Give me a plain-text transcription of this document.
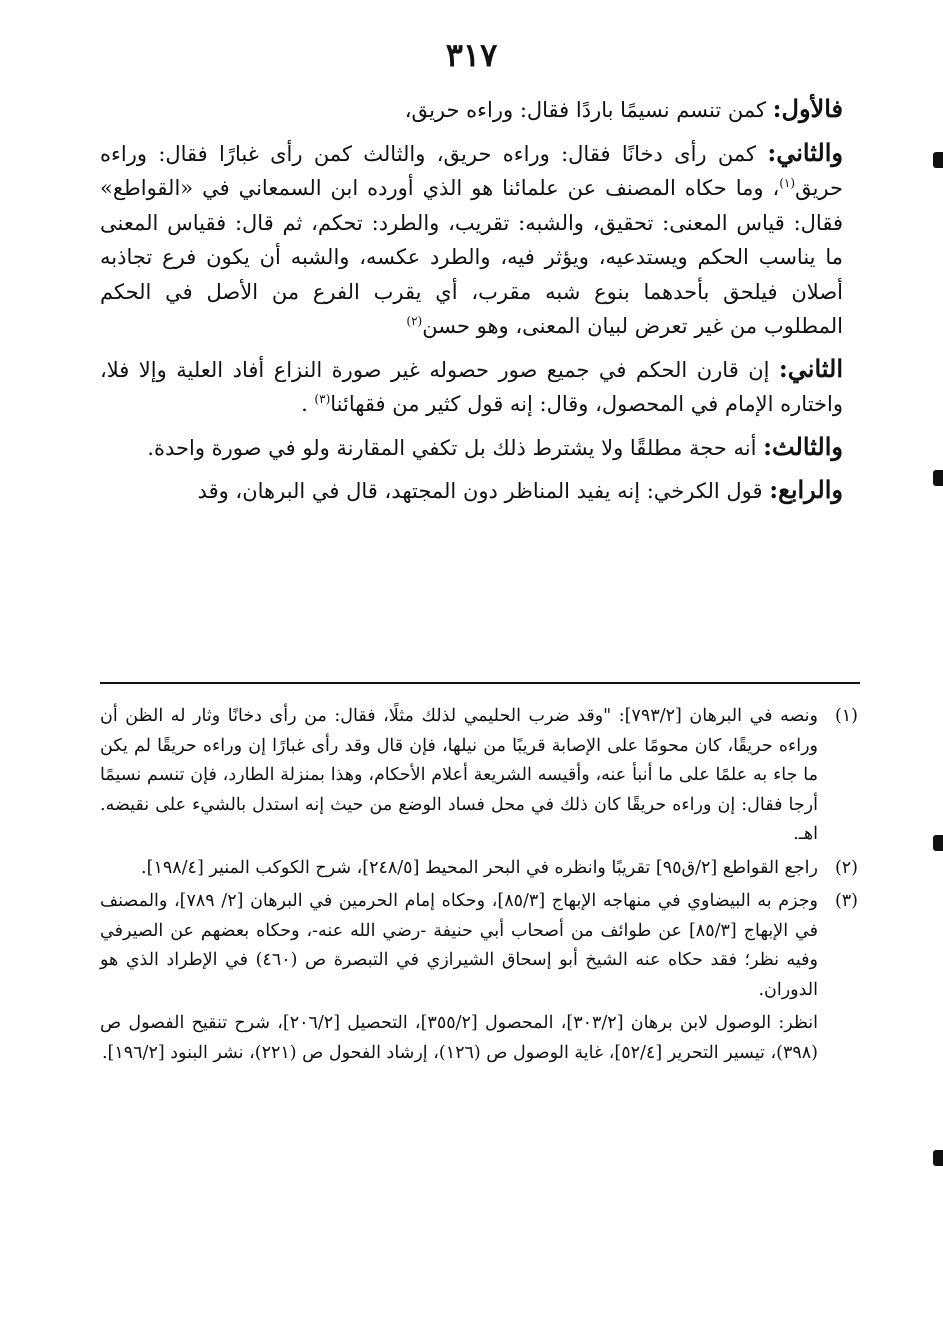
٣١٧

فالأول: كمن تنسم نسيمًا باردًا فقال: وراءه حريق،

والثاني: كمن رأى دخانًا فقال: وراءه حريق، والثالث كمن رأى غبارًا فقال: وراءه حريق$^{(١)}$، وما حكاه المصنف عن علمائنا هو الذي أورده ابن السمعاني في «القواطع» فقال: قياس المعنى: تحقيق، والشبه: تقريب، والطرد: تحكم، ثم قال: فقياس المعنى ما يناسب الحكم ويستدعيه، ويؤثر فيه، والطرد عكسه، والشبه أن يكون فرع تجاذبه أصلان فيلحق بأحدهما بنوع شبه مقرب، أي يقرب الفرع من الأصل في الحكم المطلوب من غير تعرض لبيان المعنى، وهو حسن$^{(٢)}$

الثاني: إن قارن الحكم في جميع صور حصوله غير صورة النزاع أفاد العلية وإلا فلا، واختاره الإمام في المحصول، وقال: إنه قول كثير من فقهائنا$^{(٣)}$ .

والثالث: أنه حجة مطلقًا ولا يشترط ذلك بل تكفي المقارنة ولو في صورة واحدة.

والرابع: قول الكرخي: إنه يفيد المناظر دون المجتهد، قال في البرهان، وقد

(١)
ونصه في البرهان [٧٩٣/٢]: "وقد ضرب الحليمي لذلك مثلًا، فقال: من رأى دخانًا وثار له الظن أن وراءه حريقًا، كان محومًا على الإصابة قريبًا من نيلها، فإن قال وقد رأى غبارًا إن وراءه حريقًا لم يكن ما جاء به علمًا على ما أنبأ عنه، وأقيسه الشريعة أعلام الأحكام، وهذا بمنزلة الطارد، فإن تنسم نسيمًا أرجا فقال: إن وراءه حريقًا كان ذلك في محل فساد الوضع من حيث إنه استدل بالشيء على نقيضه. اهـ.

(٢)
راجع القواطع [٢/ق٩٥] تقريبًا وانظره في البحر المحيط [٢٤٨/٥]، شرح الكوكب المنير [١٩٨/٤].

(٣)
وجزم به البيضاوي في منهاجه الإبهاج [٨٥/٣]، وحكاه إمام الحرمين في البرهان [٢/ ٧٨٩]، والمصنف في الإبهاج [٨٥/٣] عن طوائف من أصحاب أبي حنيفة -رضي الله عنه-، وحكاه بعضهم عن الصيرفي وفيه نظر؛ فقد حكاه عنه الشيخ أبو إسحاق الشيرازي في التبصرة ص (٤٦٠) في الإطراد الذي هو الدوران.

انظر: الوصول لابن برهان [٣٠٣/٢]، المحصول [٣٥٥/٢]، التحصيل [٢٠٦/٢]، شرح تنقيح الفصول ص (٣٩٨)، تيسير التحرير [٥٢/٤]، غاية الوصول ص (١٢٦)، إرشاد الفحول ص (٢٢١)، نشر البنود [١٩٦/٢].
